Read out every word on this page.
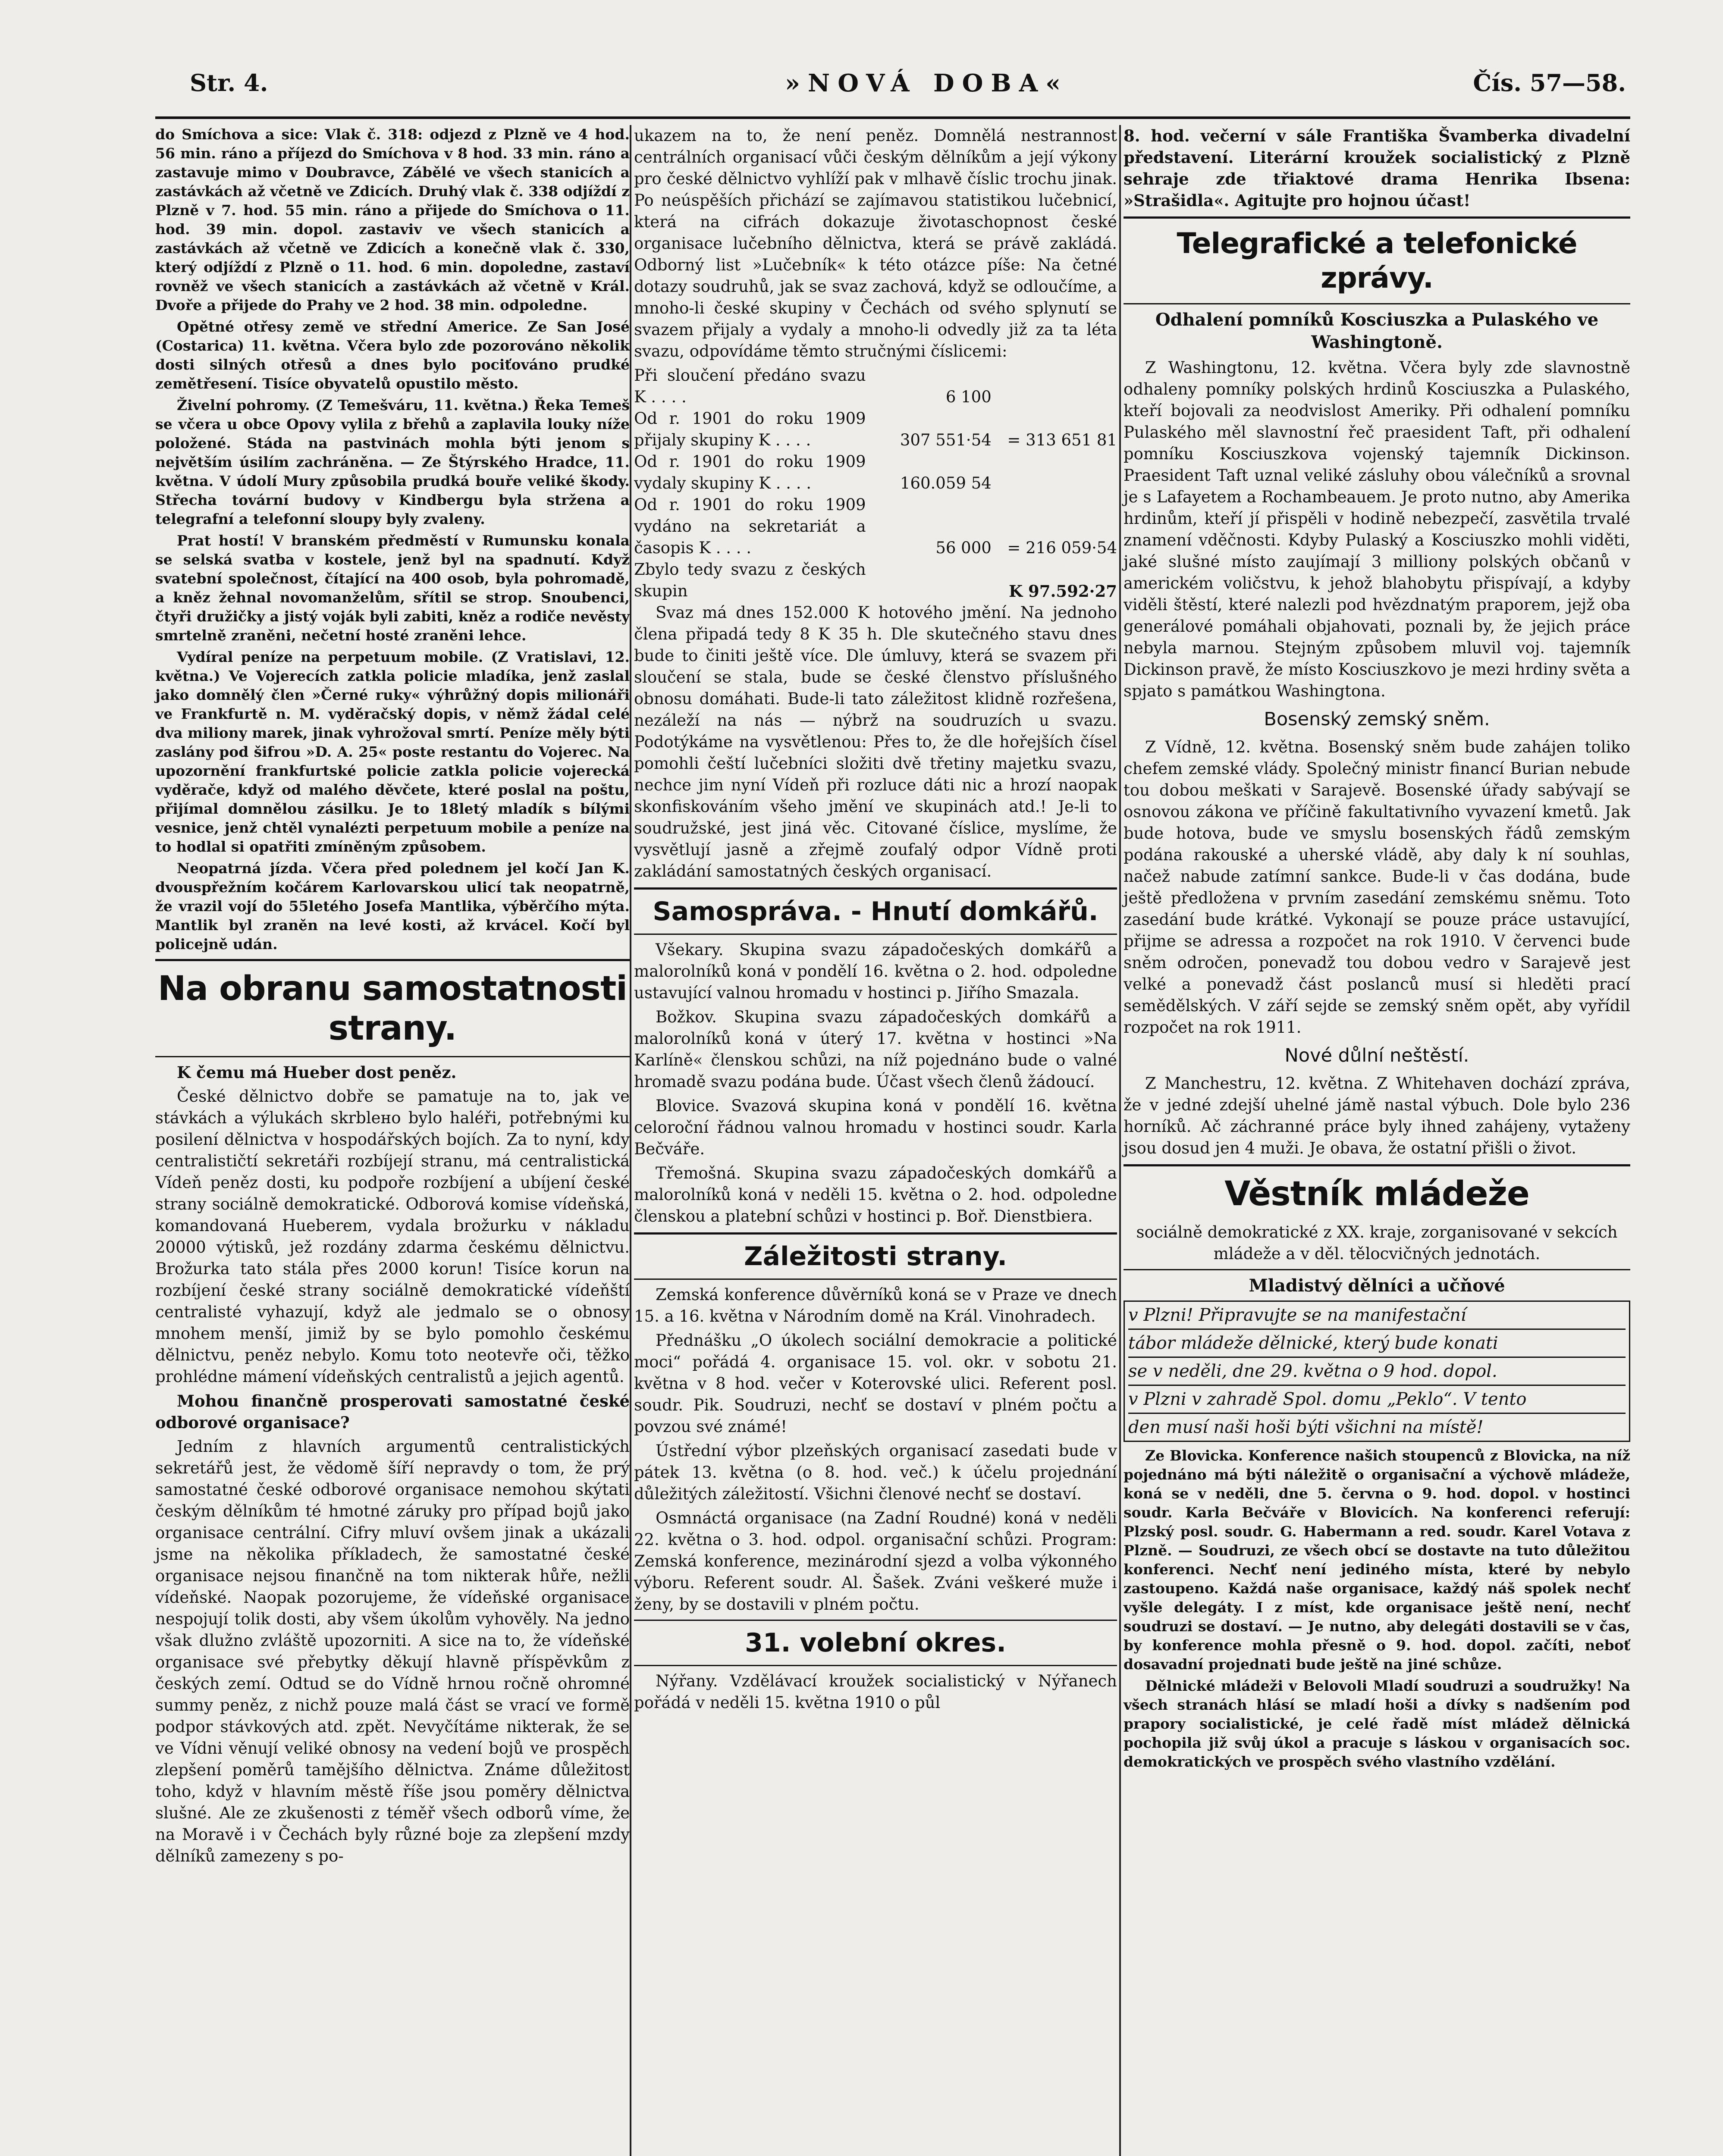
Str. 4.	»NOVÁ DOBA«	Čís. 57—58.

do Smíchova a sice: Vlak č. 318: odjezd z Plzně ve 4 hod. 56 min. ráno a příjezd do Smíchova v 8 hod. 33 min. ráno a zastavuje mimo v Doubravce, Zábělé ve všech stanicích a zastávkách až včetně ve Zdicích. Druhý vlak č. 338 odjíždí z Plzně v 7. hod. 55 min. ráno a přijede do Smíchova o 11. hod. 39 min. dopol. zastaviv ve všech stanicích a zastávkách až včetně ve Zdicích a konečně vlak č. 330, který odjíždí z Plzně o 11. hod. 6 min. dopoledne, zastaví rovněž ve všech stanicích a zastávkách až včetně v Král. Dvoře a přijede do Prahy ve 2 hod. 38 min. odpoledne.

Opětné otřesy země ve střední Americe. Ze San José (Costarica) 11. května. Včera bylo zde pozorováno několik dosti silných otřesů a dnes bylo pociťováno prudké zemětřesení. Tisíce obyvatelů opustilo město.

Živelní pohromy. (Z Temešváru, 11. května.) Řeka Temeš se včera u obce Opovy vylila z břehů a zaplavila louky níže položené. Stáda na pastvinách mohla býti jenom s největším úsilím zachráněna. — Ze Štýrského Hradce, 11. května. V údolí Mury způsobila prudká bouře veliké škody. Střecha tovární budovy v Kindbergu byla stržena a telegrafní a telefonní sloupy byly zvaleny.

Prat hostí! V branském předměstí v Rumunsku konala se selská svatba v kostele, jenž byl na spadnutí. Když svatební společnost, čítající na 400 osob, byla pohromadě, a kněz žehnal novomanželům, sřítil se strop. Snoubenci, čtyři družičky a jistý voják byli zabiti, kněz a rodiče nevěsty smrtelně zraněni, nečetní hosté zraněni lehce.

Vydíral peníze na perpetuum mobile. (Z Vratislavi, 12. května.) Ve Vojerecích zatkla policie mladíka, jenž zaslal jako domnělý člen »Černé ruky« výhrůžný dopis milionáři ve Frankfurtě n. M. vyděračský dopis, v němž žádal celé dva miliony marek, jinak vyhrožoval smrtí. Peníze měly býti zaslány pod šifrou »D. A. 25« poste restantu do Vojerec. Na upozornění frankfurtské policie zatkla policie vojerecká vyděrače, když od malého děvčete, které poslal na poštu, přijímal domnělou zásilku. Je to 18letý mladík s bílými vesnice, jenž chtěl vynalézti perpetuum mobile a peníze na to hodlal si opatřiti zmíněným způsobem.

Neopatrná jízda. Včera před polednem jel kočí Jan K. dvouspřežním kočárem Karlovarskou ulicí tak neopatrně, že vrazil vojí do 55letého Josefa Mantlika, výběrčího mýta. Mantlik byl zraněn na levé kosti, až krvácel. Kočí byl policejně udán.

Na obranu samostatnosti strany.

K čemu má Hueber dost peněz.

České dělnictvo dobře se pamatuje na to, jak ve stávkách a výlukách skrblено bylo haléři, potřebnými ku posilení dělnictva v hospodářských bojích. Za to nyní, kdy centralističtí sekretáři rozbíjejí stranu, má centralistická Vídeň peněz dosti, ku podpoře rozbíjení a ubíjení české strany sociálně demokratické. Odborová komise vídeňská, komandovaná Hueberem, vydala brožurku v nákladu 20000 výtisků, jež rozdány zdarma českému dělnictvu. Brožurka tato stála přes 2000 korun! Tisíce korun na rozbíjení české strany sociálně demokratické vídeňští centralisté vyhazují, když ale jedmalo se o obnosy mnohem menší, jimiž by se bylo pomohlo českému dělnictvu, peněz nebylo. Komu toto neotevře oči, těžko prohlédne mámení vídeňských centralistů a jejich agentů.

Mohou finančně prosperovati samostatné české odborové organisace?

Jedním z hlavních argumentů centralistických sekretářů jest, že vědomě šíří nepravdy o tom, že prý samostatné české odborové organisace nemohou skýtati českým dělníkům té hmotné záruky pro případ bojů jako organisace centrální. Cifry mluví ovšem jinak a ukázali jsme na několika příkladech, že samostatné české organisace nejsou finančně na tom nikterak hůře, nežli vídeňské. Naopak pozorujeme, že vídeňské organisace nespojují tolik dosti, aby všem úkolům vyhověly. Na jedno však dlužno zvláště upozorniti. A sice na to, že vídeňské organisace své přebytky děkují hlavně příspěvkům z českých zemí. Odtud se do Vídně hrnou ročně ohromné summy peněz, z nichž pouze malá část se vrací ve formě podpor stávkových atd. zpět. Nevyčítáme nikterak, že se ve Vídni věnují veliké obnosy na vedení bojů ve prospěch zlepšení poměrů tamějšího dělnictva. Známe důležitost toho, když v hlavním městě říše jsou poměry dělnictva slušné. Ale ze zkušenosti z téměř všech odborů víme, že na Moravě i v Čechách byly různé boje za zlepšení mzdy dělníků zamezeny s po-

ukazem na to, že není peněz. Domnělá nestrannost centrálních organisací vůči českým dělníkům a její výkony pro české dělnictvo vyhlíží pak v mlhavě číslic trochu jinak. Po neúspěších přichází se zajímavou statistikou lučebnicí, která na cifrách dokazuje životaschopnost české organisace lučebního dělnictva, která se právě zakládá. Odborný list »Lučebník« k této otázce píše: Na četné dotazy soudruhů, jak se svaz zachová, když se odloučíme, a mnoho-li české skupiny v Čechách od svého splynutí se svazem přijaly a vydaly a mnoho-li odvedly již za ta léta svazu, odpovídáme těmto stručnými číslicemi:

Při sloučení předáno svazu K . . . .	6 100	
Od r. 1901 do roku 1909 přijaly skupiny K . . . .	307 551·54	= 313 651 81
Od r. 1901 do roku 1909 vydaly skupiny K . . . .	160.059 54	
Od r. 1901 do roku 1909 vydáno na sekretariát a časopis K . . . .	56 000	= 216 059·54
Zbylo tedy svazu z českých skupin		K 97.592·27

Svaz má dnes 152.000 K hotového jmění. Na jednoho člena připadá tedy 8 K 35 h. Dle skutečného stavu dnes bude to činiti ještě více. Dle úmluvy, která se svazem při sloučení se stala, bude se české členstvo příslušného obnosu domáhati. Bude-li tato záležitost klidně rozřešena, nezáleží na nás — nýbrž na soudruzích u svazu. Podotýkáme na vysvětlenou: Přes to, že dle hořejších čísel pomohli čeští lučebníci složiti dvě třetiny majetku svazu, nechce jim nyní Vídeň při rozluce dáti nic a hrozí naopak skonfiskováním všeho jmění ve skupinách atd.! Je-li to soudružské, jest jiná věc. Citované číslice, myslíme, že vysvětlují jasně a zřejmě zoufalý odpor Vídně proti zakládání samostatných českých organisací.

Samospráva. - Hnutí domkářů.

Všekary. Skupina svazu západočeských domkářů a malorolníků koná v pondělí 16. května o 2. hod. odpoledne ustavující valnou hromadu v hostinci p. Jiřího Smazala.

Božkov. Skupina svazu západočeských domkářů a malorolníků koná v úterý 17. května v hostinci »Na Karlíně« členskou schůzi, na níž pojednáno bude o valné hromadě svazu podána bude. Účast všech členů žádoucí.

Blovice. Svazová skupina koná v pondělí 16. května celoroční řádnou valnou hromadu v hostinci soudr. Karla Bečváře.

Třemošná. Skupina svazu západočeských domkářů a malorolníků koná v neděli 15. května o 2. hod. odpoledne členskou a platební schůzi v hostinci p. Boř. Dienstbiera.

Záležitosti strany.

Zemská konference důvěrníků koná se v Praze ve dnech 15. a 16. května v Národním domě na Král. Vinohradech.

Přednášku „O úkolech sociální demokracie a politické moci“ pořádá 4. organisace 15. vol. okr. v sobotu 21. května v 8 hod. večer v Koterovské ulici. Referent posl. soudr. Pik. Soudruzi, nechť se dostaví v plném počtu a povzou své známé!

Ústřední výbor plzeňských organisací zasedati bude v pátek 13. května (o 8. hod. več.) k účelu projednání důležitých záležitostí. Všichni členové nechť se dostaví.

Osmnáctá organisace (na Zadní Roudné) koná v neděli 22. května o 3. hod. odpol. organisační schůzi. Program: Zemská konference, mezinárodní sjezd a volba výkonného výboru. Referent soudr. Al. Šašek. Zváni veškeré muže i ženy, by se dostavili v plném počtu.

31. volební okres.

Nýřany. Vzdělávací kroužek socialistický v Nýřanech pořádá v neděli 15. května 1910 o půl

8. hod. večerní v sále Františka Švamberka divadelní představení. Literární kroužek socialistický z Plzně sehraje zde třiaktové drama Henrika Ibsena: »Strašidla«. Agitujte pro hojnou účast!

Telegrafické a telefonické zprávy.
Odhalení pomníků Kosciuszka a Pulaského ve Washingtoně.

Z Washingtonu, 12. května. Včera byly zde slavnostně odhaleny pomníky polských hrdinů Kosciuszka a Pulaského, kteří bojovali za neodvislost Ameriky. Při odhalení pomníku Pulaského měl slavnostní řeč praesident Taft, při odhalení pomníku Kosciuszkova vojenský tajemník Dickinson. Praesident Taft uznal veliké zásluhy obou válečníků a srovnal je s Lafayetem a Rochambeauem. Je proto nutno, aby Amerika hrdinům, kteří jí přispěli v hodině nebezpečí, zasvětila trvalé znamení vděčnosti. Kdyby Pulaský a Kosciuszko mohli viděti, jaké slušné místo zaujímají 3 milliony polských občanů v americkém voličstvu, k jehož blahobytu přispívají, a kdyby viděli štěstí, které nalezli pod hvězdnatým praporem, jejž oba generálové pomáhali objahovati, poznali by, že jejich práce nebyla marnou. Stejným způsobem mluvil voj. tajemník Dickinson pravě, že místo Kosciuszkovo je mezi hrdiny světa a spjato s památkou Washingtona.

Bosenský zemský sněm.

Z Vídně, 12. května. Bosenský sněm bude zahájen toliko chefem zemské vlády. Společný ministr financí Burian nebude tou dobou meškati v Sarajevě. Bosenské úřady sabývají se osnovou zákona ve příčině fakultativního vyvazení kmetů. Jak bude hotova, bude ve smyslu bosenských řádů zemským podána rakouské a uherské vládě, aby daly k ní souhlas, načež nabude zatímní sankce. Bude-li v čas dodána, bude ještě předložena v prvním zasedání zemskému sněmu. Toto zasedání bude krátké. Vykonají se pouze práce ustavující, přijme se adressa a rozpočet na rok 1910. V červenci bude sněm odročen, ponevadž tou dobou vedro v Sarajevě jest velké a ponevadž část poslanců musí si hleděti prací semědělských. V září sejde se zemský sněm opět, aby vyřídil rozpočet na rok 1911.

Nové důlní neštěstí.

Z Manchestru, 12. května. Z Whitehaven dochází zpráva, že v jedné zdejší uhelné jámě nastal výbuch. Dole bylo 236 horníků. Ač záchranné práce byly ihned zahájeny, vytaženy jsou dosud jen 4 muži. Je obava, že ostatní přišli o život.

Věstník mládeže

sociálně demokratické z XX. kraje, zorganisované v sekcích mládeže a v děl. tělocvičných jednotách.

Mladistvý dělníci a učňové
v Plzni! Připravujte se na manifestační
tábor mládeže dělnické, který bude konati
se v neděli, dne 29. května o 9 hod. dopol.
v Plzni v zahradě Spol. domu „Peklo“. V tento
den musí naši hoši býti všichni na místě!

Ze Blovicka. Konference našich stoupenců z Blovicka, na níž pojednáno má býti náležitě o organisační a výchově mládeže, koná se v neděli, dne 5. června o 9. hod. dopol. v hostinci soudr. Karla Bečváře v Blovicích. Na konferenci referují: Plzský posl. soudr. G. Habermann a red. soudr. Karel Votava z Plzně. — Soudruzi, ze všech obcí se dostavte na tuto důležitou konferenci. Nechť není jediného místa, které by nebylo zastoupeno. Každá naše organisace, každý náš spolek nechť vyšle delegáty. I z míst, kde organisace ještě není, nechť soudruzi se dostaví. — Je nutno, aby delegáti dostavili se v čas, by konference mohla přesně o 9. hod. dopol. začíti, neboť dosavadní projednati bude ještě na jiné schůze.

Dělnické mládeži v Belovoli Mladí soudruzi a soudružky! Na všech stranách hlásí se mladí hoši a dívky s nadšením pod prapory socialistické, je celé řadě míst mládež dělnická pochopila již svůj úkol a pracuje s láskou v organisacích soc. demokratických ve prospěch svého vlastního vzdělání.
